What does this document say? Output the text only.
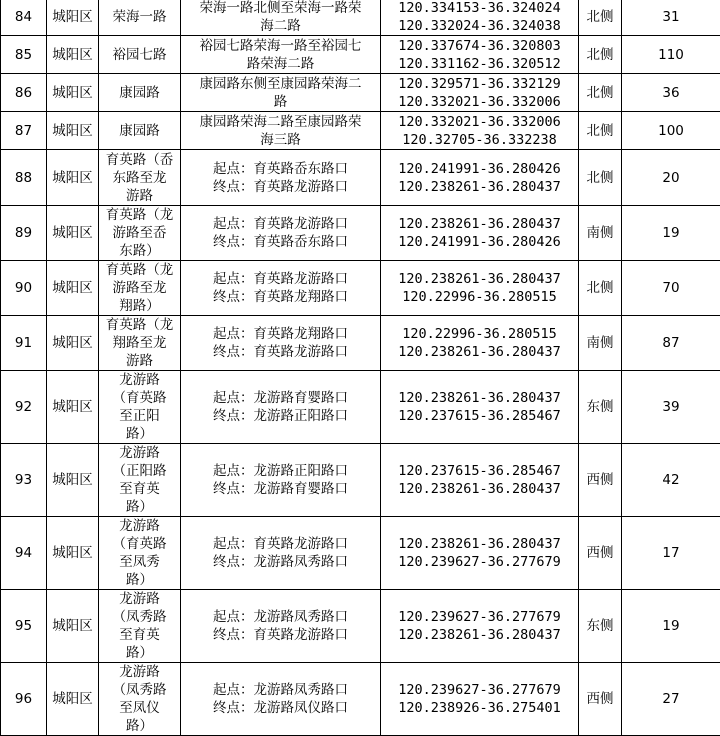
84	城阳区	荣海一路	荣海一路北侧至荣海一路荣
海二路	120.334153-36.324024
120.332024-36.324038	北侧	31
85	城阳区	裕园七路	裕园七路荣海一路至裕园七
路荣海二路	120.337674-36.320803
120.331162-36.320512	北侧	110
86	城阳区	康园路	康园路东侧至康园路荣海二
路	120.329571-36.332129
120.332021-36.332006	北侧	36
87	城阳区	康园路	康园路荣海二路至康园路荣
海三路	120.332021-36.332006
120.32705-36.332238	北侧	100
88	城阳区	育英路（岙
东路至龙
游路	起点：育英路岙东路口
终点：育英路龙游路口	120.241991-36.280426
120.238261-36.280437	北侧	20
89	城阳区	育英路（龙
游路至岙
东路）	起点：育英路龙游路口
终点：育英路岙东路口	120.238261-36.280437
120.241991-36.280426	南侧	19
90	城阳区	育英路（龙
游路至龙
翔路）	起点：育英路龙游路口
终点：育英路龙翔路口	120.238261-36.280437
120.22996-36.280515	北侧	70
91	城阳区	育英路（龙
翔路至龙
游路	起点：育英路龙翔路口
终点：育英路龙游路口	120.22996-36.280515
120.238261-36.280437	南侧	87
92	城阳区	龙游路
（育英路
至正阳
路）	起点：龙游路育婴路口
终点：龙游路正阳路口	120.238261-36.280437
120.237615-36.285467	东侧	39
93	城阳区	龙游路
（正阳路
至育英
路）	起点：龙游路正阳路口
终点：龙游路育婴路口	120.237615-36.285467
120.238261-36.280437	西侧	42
94	城阳区	龙游路
（育英路
至凤秀
路）	起点：育英路龙游路口
终点：龙游路凤秀路口	120.238261-36.280437
120.239627-36.277679	西侧	17
95	城阳区	龙游路
（凤秀路
至育英
路）	起点：龙游路凤秀路口
终点：育英路龙游路口	120.239627-36.277679
120.238261-36.280437	东侧	19
96	城阳区	龙游路
（凤秀路
至凤仪
路）	起点：龙游路凤秀路口
终点：龙游路凤仪路口	120.239627-36.277679
120.238926-36.275401	西侧	27
